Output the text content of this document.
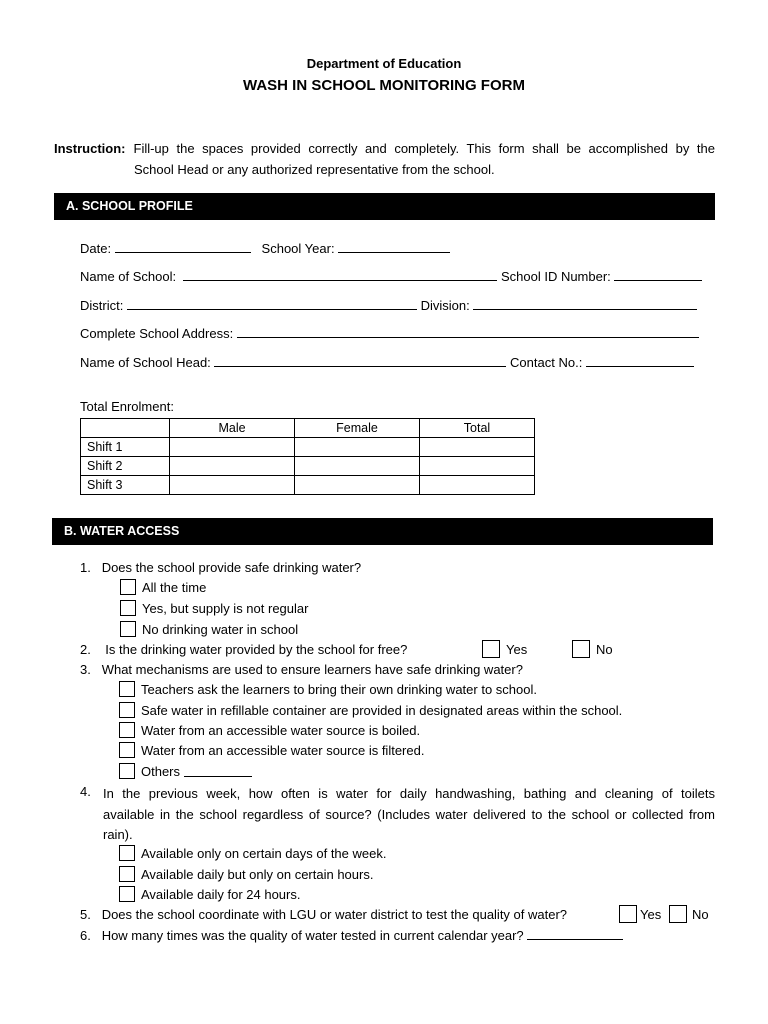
Department of Education
WASH IN SCHOOL MONITORING FORM
Instruction: Fill-up the spaces provided correctly and completely. This form shall be accomplished by the
School Head or any authorized representative from the school.
A. SCHOOL PROFILE
Date:	School Year:
Name of School:	School ID Number:
District:	Division:
Complete School Address:
Name of School Head:	Contact No.:
Total Enrolment:
	Male	Female	Total
Shift 1			
Shift 2			
Shift 3			
B. WATER ACCESS
1. Does the school provide safe drinking water?
All the time
Yes, but supply is not regular
No drinking water in school
2. Is the drinking water provided by the school for free?	Yes	No
3. What mechanisms are used to ensure learners have safe drinking water?
Teachers ask the learners to bring their own drinking water to school.
Safe water in refillable container are provided in designated areas within the school.
Water from an accessible water source is boiled.
Water from an accessible water source is filtered.
Others
4. In the previous week, how often is water for daily handwashing, bathing and cleaning of toilets
available in the school regardless of source? (Includes water delivered to the school or collected from
rain).
Available only on certain days of the week.
Available daily but only on certain hours.
Available daily for 24 hours.
5. Does the school coordinate with LGU or water district to test the quality of water?	Yes No
6. How many times was the quality of water tested in current calendar year?
